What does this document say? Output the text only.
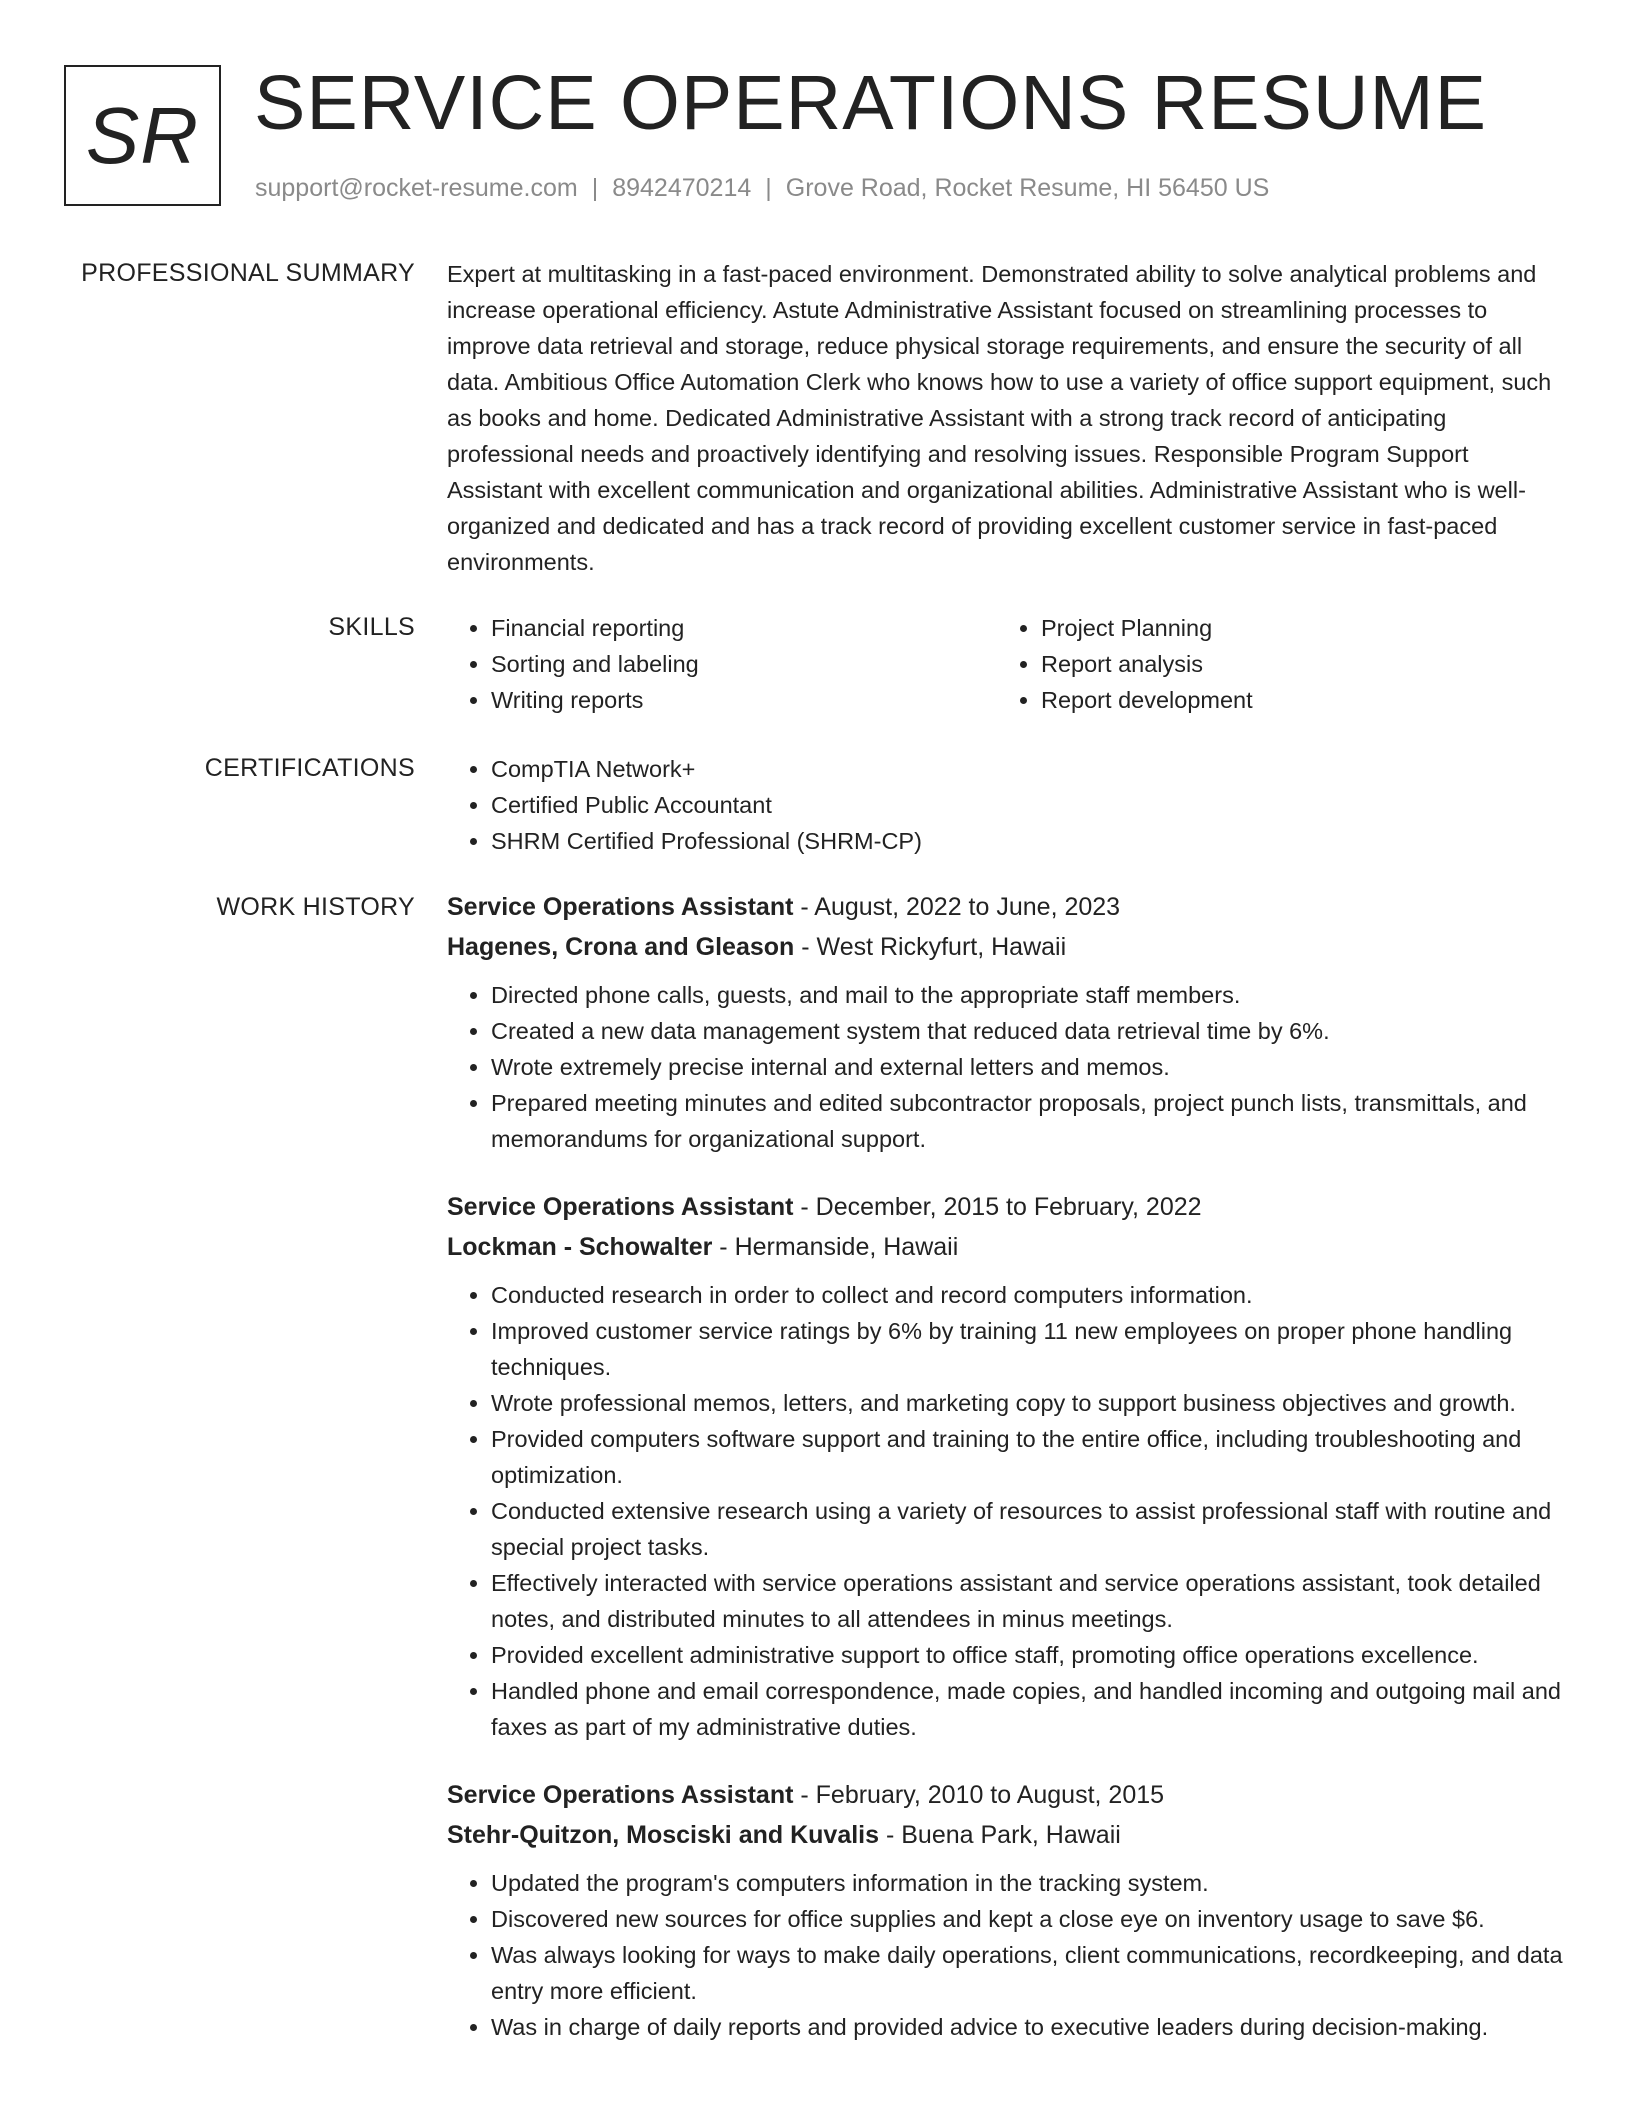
SR SERVICE OPERATIONS RESUME
support@rocket-resume.com | 8942470214 | Grove Road, Rocket Resume, HI 56450 US
PROFESSIONAL SUMMARY Expert at multitasking in a fast-paced environment. Demonstrated ability to solve analytical problems and increase operational efficiency. Astute Administrative Assistant focused on streamlining processes to improve data retrieval and storage, reduce physical storage requirements, and ensure the security of all data. Ambitious Office Automation Clerk who knows how to use a variety of office support equipment, such as books and home. Dedicated Administrative Assistant with a strong track record of anticipating professional needs and proactively identifying and resolving issues. Responsible Program Support Assistant with excellent communication and organizational abilities. Administrative Assistant who is well-organized and dedicated and has a track record of providing excellent customer service in fast-paced environments.
SKILLS	• Financial reporting	• Project Planning
• Sorting and labeling	• Report analysis
• Writing reports	• Report development
CERTIFICATIONS	• CompTIA Network+
• Certified Public Accountant
• SHRM Certified Professional (SHRM-CP)
WORK HISTORY Service Operations Assistant - August, 2022 to June, 2023
Hagenes, Crona and Gleason - West Rickyfurt, Hawaii
• Directed phone calls, guests, and mail to the appropriate staff members.
• Created a new data management system that reduced data retrieval time by 6%.
• Wrote extremely precise internal and external letters and memos.
• Prepared meeting minutes and edited subcontractor proposals, project punch lists, transmittals, and memorandums for organizational support.
Service Operations Assistant - December, 2015 to February, 2022
Lockman - Schowalter - Hermanside, Hawaii
• Conducted research in order to collect and record computers information.
• Improved customer service ratings by 6% by training 11 new employees on proper phone handling techniques.
• Wrote professional memos, letters, and marketing copy to support business objectives and growth.
• Provided computers software support and training to the entire office, including troubleshooting and optimization.
• Conducted extensive research using a variety of resources to assist professional staff with routine and special project tasks.
• Effectively interacted with service operations assistant and service operations assistant, took detailed notes, and distributed minutes to all attendees in minus meetings.
• Provided excellent administrative support to office staff, promoting office operations excellence.
• Handled phone and email correspondence, made copies, and handled incoming and outgoing mail and faxes as part of my administrative duties.
Service Operations Assistant - February, 2010 to August, 2015
Stehr-Quitzon, Mosciski and Kuvalis - Buena Park, Hawaii
• Updated the program's computers information in the tracking system.
• Discovered new sources for office supplies and kept a close eye on inventory usage to save $6.
• Was always looking for ways to make daily operations, client communications, recordkeeping, and data entry more efficient.
• Was in charge of daily reports and provided advice to executive leaders during decision-making.
